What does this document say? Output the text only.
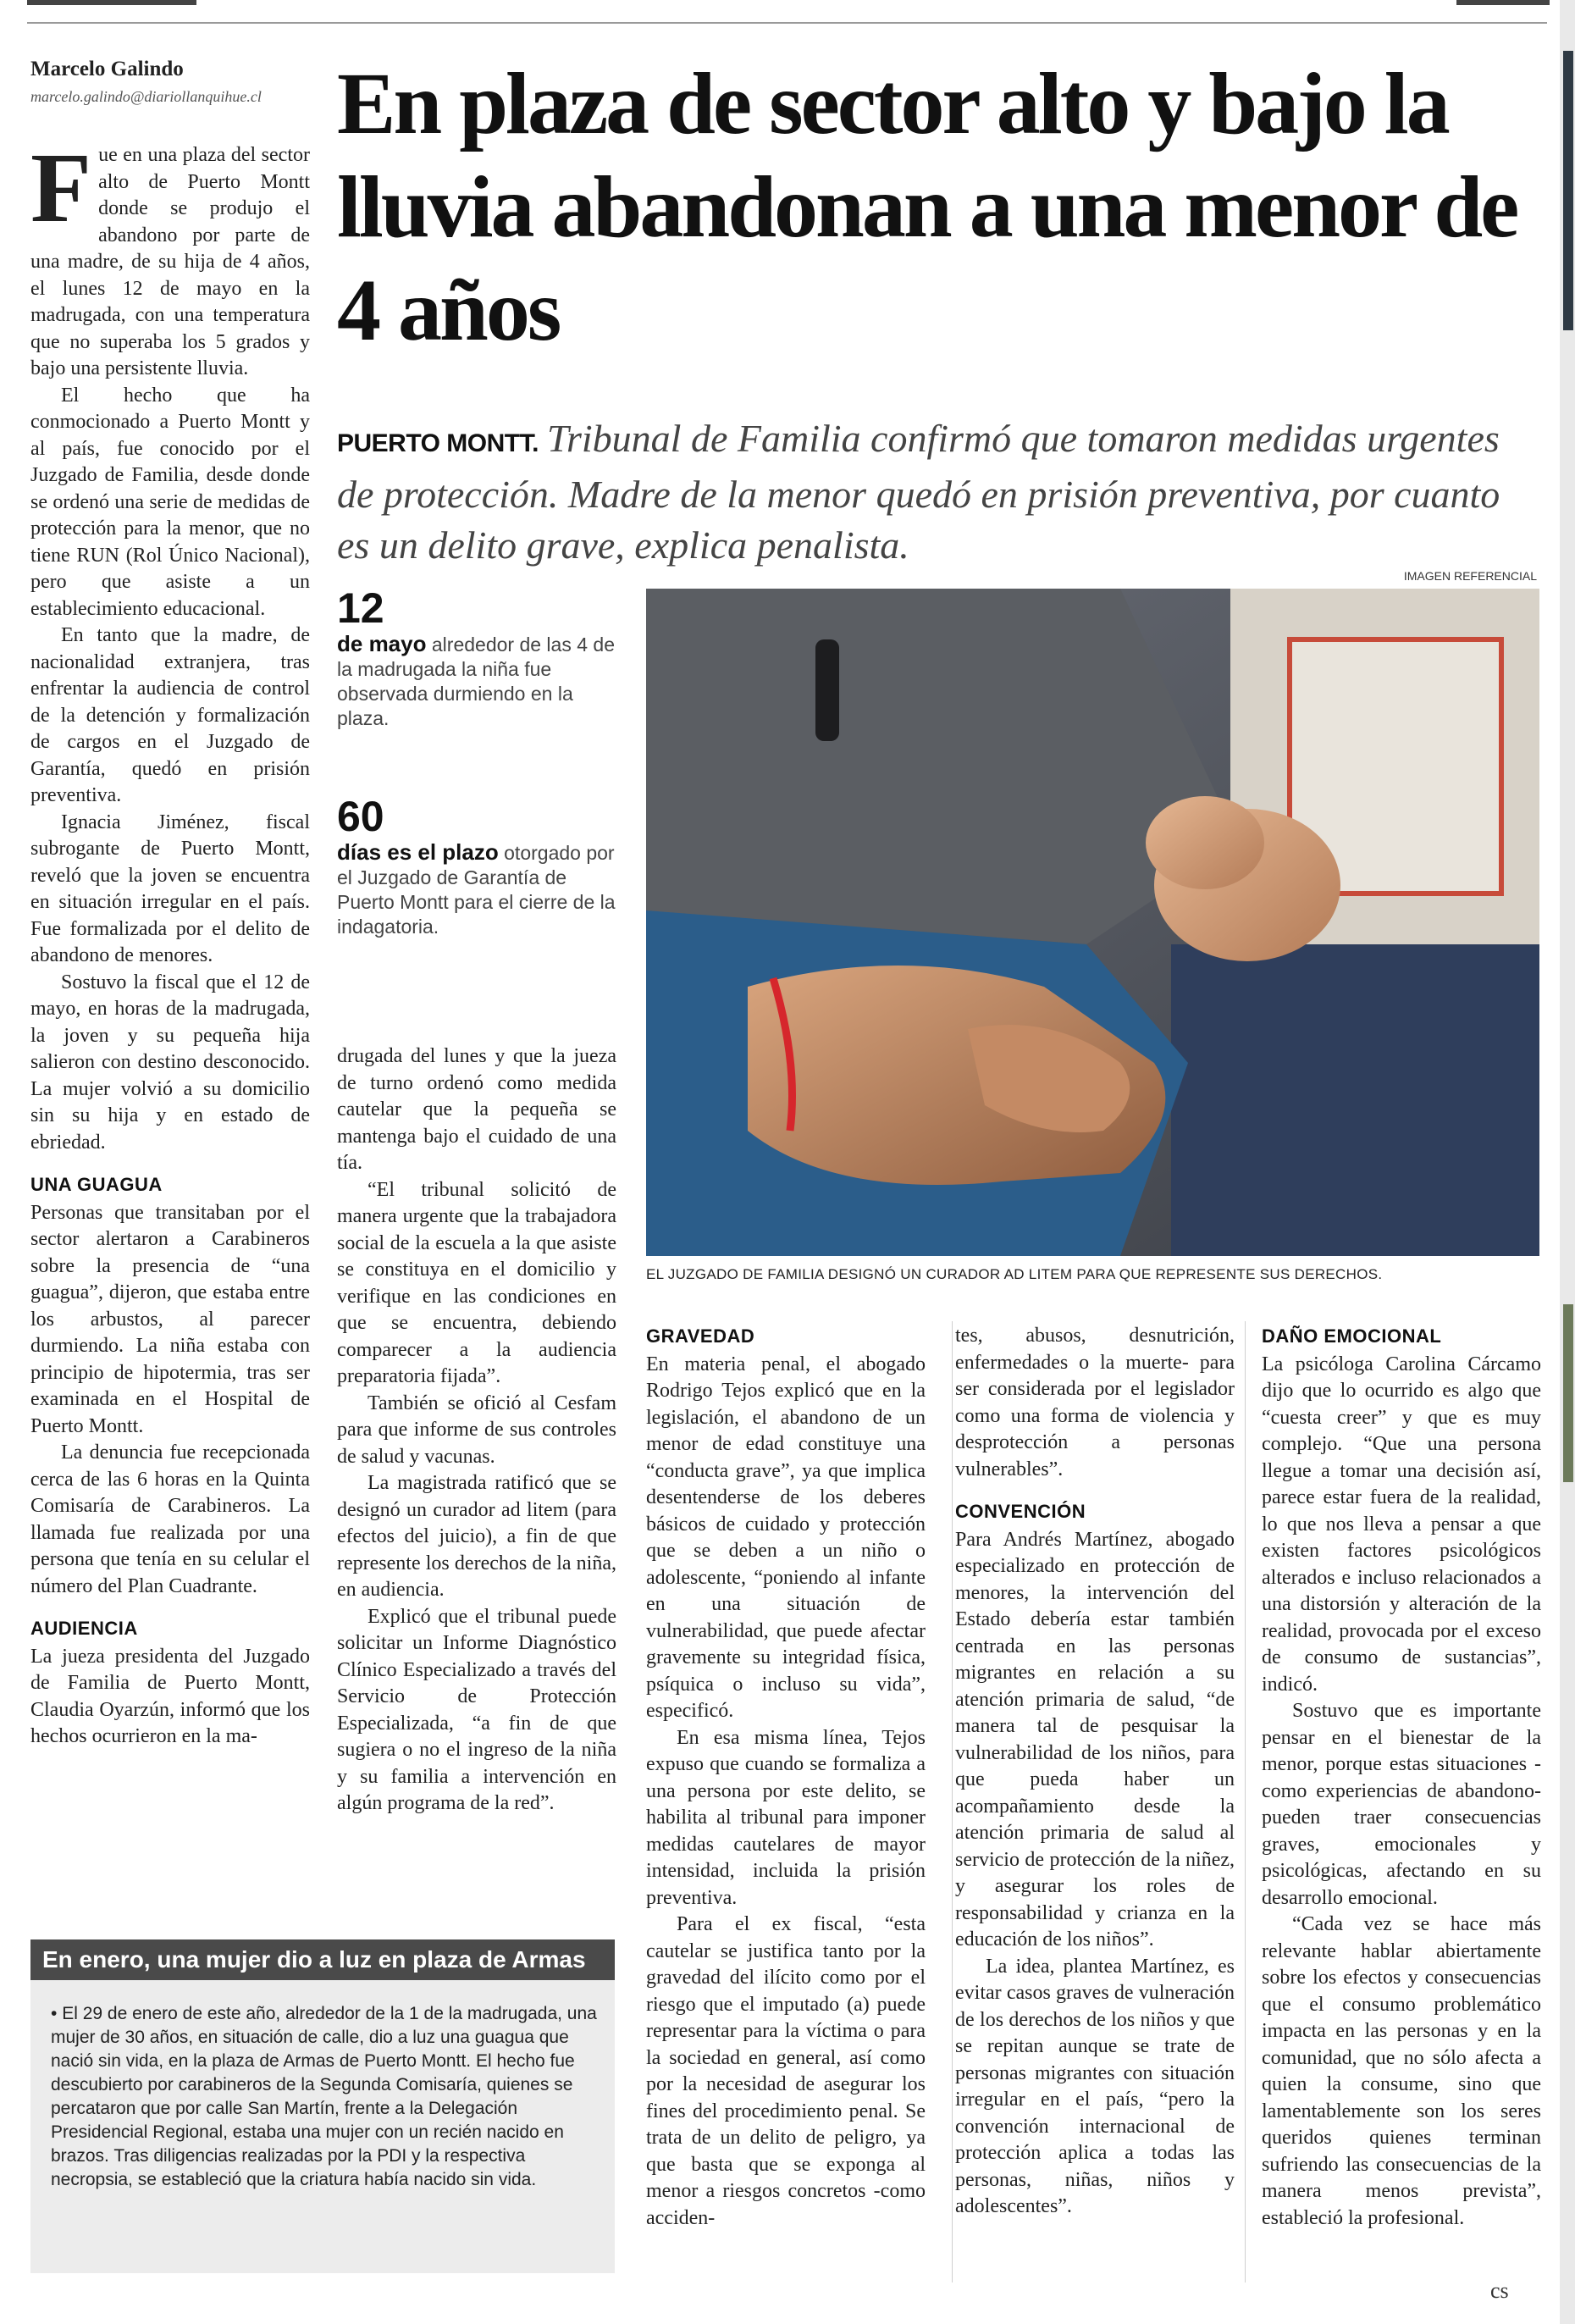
Marcelo Galindo
marcelo.galindo@diariollanquihue.cl En plaza de sector alto y bajo la lluvia abandonan a una menor de 4 años
PUERTO MONTT. Tribunal de Familia confirmó que tomaron medidas urgentes de protección. Madre de la menor quedó en prisión preventiva, por cuanto es un delito grave, explica penalista.

Fue en una plaza del sector alto de Puerto Montt donde se produjo el abandono por parte de una madre, de su hija de 4 años, el lunes 12 de mayo en la madrugada, con una temperatura que no superaba los 5 grados y bajo una persistente lluvia.

El hecho que ha conmocionado a Puerto Montt y al país, fue conocido por el Juzgado de Familia, desde donde se ordenó una serie de medidas de protección para la menor, que no tiene RUN (Rol Único Nacional), pero que asiste a un establecimiento educacional.

En tanto que la madre, de nacionalidad extranjera, tras enfrentar la audiencia de control de la detención y formalización de cargos en el Juzgado de Garantía, quedó en prisión preventiva.

Ignacia Jiménez, fiscal subrogante de Puerto Montt, reveló que la joven se encuentra en situación irregular en el país. Fue formalizada por el delito de abandono de menores.

Sostuvo la fiscal que el 12 de mayo, en horas de la madrugada, la joven y su pequeña hija salieron con destino desconocido. La mujer volvió a su domicilio sin su hija y en estado de ebriedad.

UNA GUAGUA

Personas que transitaban por el sector alertaron a Carabineros sobre la presencia de “una guagua”, dijeron, que estaba entre los arbustos, al parecer durmiendo. La niña estaba con principio de hipotermia, tras ser examinada en el Hospital de Puerto Montt.

La denuncia fue recepcionada cerca de las 6 horas en la Quinta Comisaría de Carabineros. La llamada fue realizada por una persona que tenía en su celular el número del Plan Cuadrante.

AUDIENCIA

La jueza presidenta del Juzgado de Familia de Puerto Montt, Claudia Oyarzún, informó que los hechos ocurrieron en la ma-

12
de mayo alrededor de las 4 de la madrugada la niña fue observada durmiendo en la plaza.
60
días es el plazo otorgado por el Juzgado de Garantía de Puerto Montt para el cierre de la indagatoria.

drugada del lunes y que la jueza de turno ordenó como medida cautelar que la pequeña se mantenga bajo el cuidado de una tía.

“El tribunal solicitó de manera urgente que la trabajadora social de la escuela a la que asiste se constituya en el domicilio y verifique en las condiciones en que se encuentra, debiendo comparecer a la audiencia preparatoria fijada”.

También se ofició al Cesfam para que informe de sus controles de salud y vacunas.

La magistrada ratificó que se designó un curador ad litem (para efectos del juicio), a fin de que represente los derechos de la niña, en audiencia.

Explicó que el tribunal puede solicitar un Informe Diagnóstico Clínico Especializado a través del Servicio de Protección Especializada, “a fin de que sugiera o no el ingreso de la niña y su familia a intervención en algún programa de la red”.

IMAGEN REFERENCIAL
EL JUZGADO DE FAMILIA DESIGNÓ UN CURADOR AD LITEM PARA QUE REPRESENTE SUS DERECHOS.
GRAVEDAD

En materia penal, el abogado Rodrigo Tejos explicó que en la legislación, el abandono de un menor de edad constituye una “conducta grave”, ya que implica desentenderse de los deberes básicos de cuidado y protección que se deben a un niño o adolescente, “poniendo al infante en una situación de vulnerabilidad, que puede afectar gravemente su integridad física, psíquica o incluso su vida”, especificó.

En esa misma línea, Tejos expuso que cuando se formaliza a una persona por este delito, se habilita al tribunal para imponer medidas cautelares de mayor intensidad, incluida la prisión preventiva.

Para el ex fiscal, “esta cautelar se justifica tanto por la gravedad del ilícito como por el riesgo que el imputado (a) puede representar para la víctima o para la sociedad en general, así como por la necesidad de asegurar los fines del procedimiento penal. Se trata de un delito de peligro, ya que basta que se exponga al menor a riesgos concretos -como acciden-

tes, abusos, desnutrición, enfermedades o la muerte- para ser considerada por el legislador como una forma de violencia y desprotección a personas vulnerables”.

CONVENCIÓN

Para Andrés Martínez, abogado especializado en protección de menores, la intervención del Estado debería estar también centrada en las personas migrantes en relación a su atención primaria de salud, “de manera tal de pesquisar la vulnerabilidad de los niños, para que pueda haber un acompañamiento desde la atención primaria de salud al servicio de protección de la niñez, y asegurar los roles de responsabilidad y crianza en la educación de los niños”.

La idea, plantea Martínez, es evitar casos graves de vulneración de los derechos de los niños y que se repitan aunque se trate de personas migrantes con situación irregular en el país, “pero la convención internacional de protección aplica a todas las personas, niñas, niños y adolescentes”.

DAÑO EMOCIONAL

La psicóloga Carolina Cárcamo dijo que lo ocurrido es algo que “cuesta creer” y que es muy complejo. “Que una persona llegue a tomar una decisión así, parece estar fuera de la realidad, lo que nos lleva a pensar a que existen factores psicológicos alterados e incluso relacionados a una distorsión y alteración de la realidad, provocada por el exceso de consumo de sustancias”, indicó.

Sostuvo que es importante pensar en el bienestar de la menor, porque estas situaciones -como experiencias de abandono- pueden traer consecuencias graves, emocionales y psicológicas, afectando en su desarrollo emocional.

“Cada vez se hace más relevante hablar abiertamente sobre los efectos y consecuencias que el consumo problemático impacta en las personas y en la comunidad, que no sólo afecta a quien la consume, sino que lamentablemente son los seres queridos quienes terminan sufriendo las consecuencias de la manera menos prevista”, estableció la profesional.

cs
En enero, una mujer dio a luz en plaza de Armas
• El 29 de enero de este año, alrededor de la 1 de la madrugada, una mujer de 30 años, en situación de calle, dio a luz una guagua que nació sin vida, en la plaza de Armas de Puerto Montt. El hecho fue descubierto por carabineros de la Segunda Comisaría, quienes se percataron que por calle San Martín, frente a la Delegación Presidencial Regional, estaba una mujer con un recién nacido en brazos. Tras diligencias realizadas por la PDI y la respectiva necropsia, se estableció que la criatura había nacido sin vida.
